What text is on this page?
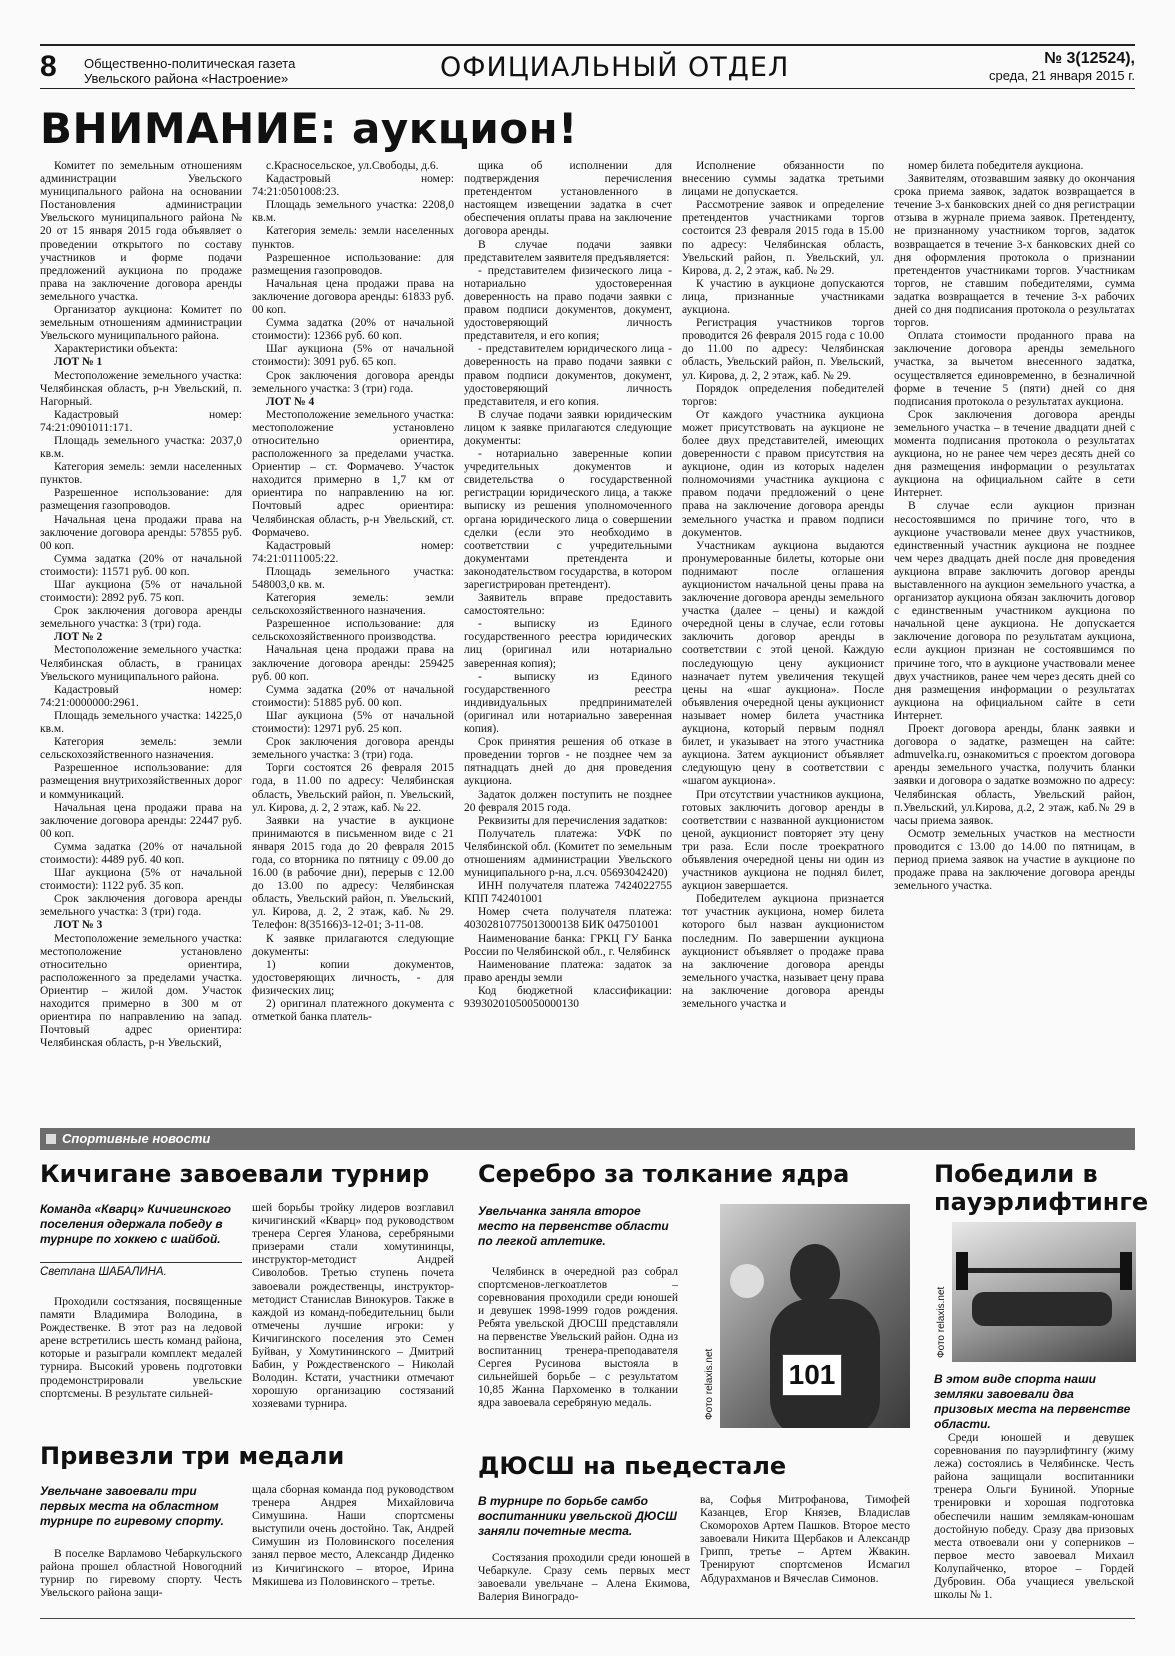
8 Общественно-политическая газета
Увельского района «Настроение»	ОФИЦИАЛЬНЫЙ ОТДЕЛ	№ 3(12524),
среда, 21 января 2015 г.
ВНИМАНИЕ: аукцион!

Комитет по земельным отношениям администрации Увельского муниципального района на основании Постановления администрации Увельского муниципального района № 20 от 15 января 2015 года объявляет о проведении открытого по составу участников и форме подачи предложений аукциона по продаже права на заключение договора аренды земельного участка.

Организатор аукциона: Комитет по земельным отношениям администрации Увельского муниципального района.

Характеристики объекта:

ЛОТ № 1

Местоположение земельного участка: Челябинская область, р-н Увельский, п. Нагорный.

Кадастровый номер: 74:21:0901011:171.

Площадь земельного участка: 2037,0 кв.м.

Категория земель: земли населенных пунктов.

Разрешенное использование: для размещения газопроводов.

Начальная цена продажи права на заключение договора аренды: 57855 руб. 00 коп.

Сумма задатка (20% от начальной стоимости): 11571 руб. 00 коп.

Шаг аукциона (5% от начальной стоимости): 2892 руб. 75 коп.

Срок заключения договора аренды земельного участка: 3 (три) года.

ЛОТ № 2

Местоположение земельного участка: Челябинская область, в границах Увельского муниципального района.

Кадастровый номер: 74:21:0000000:2961.

Площадь земельного участка: 14225,0 кв.м.

Категория земель: земли сельскохозяйственного назначения.

Разрешенное использование: для размещения внутрихозяйственных дорог и коммуникаций.

Начальная цена продажи права на заключение договора аренды: 22447 руб. 00 коп.

Сумма задатка (20% от начальной стоимости): 4489 руб. 40 коп.

Шаг аукциона (5% от начальной стоимости): 1122 руб. 35 коп.

Срок заключения договора аренды земельного участка: 3 (три) года.

ЛОТ № 3

Местоположение земельного участка: местоположение установлено относительно ориентира, расположенного за пределами участка. Ориентир – жилой дом. Участок находится примерно в 300 м от ориентира по направлению на запад. Почтовый адрес ориентира: Челябинская область, р-н Увельский,

с.Красносельское, ул.Свободы, д.6.

Кадастровый номер: 74:21:0501008:23.

Площадь земельного участка: 2208,0 кв.м.

Категория земель: земли населенных пунктов.

Разрешенное использование: для размещения газопроводов.

Начальная цена продажи права на заключение договора аренды: 61833 руб. 00 коп.

Сумма задатка (20% от начальной стоимости): 12366 руб. 60 коп.

Шаг аукциона (5% от начальной стоимости): 3091 руб. 65 коп.

Срок заключения договора аренды земельного участка: 3 (три) года.

ЛОТ № 4

Местоположение земельного участка: местоположение установлено относительно ориентира, расположенного за пределами участка. Ориентир – ст. Формачево. Участок находится примерно в 1,7 км от ориентира по направлению на юг. Почтовый адрес ориентира: Челябинская область, р-н Увельский, ст. Формачево.

Кадастровый номер: 74:21:0111005:22.

Площадь земельного участка: 548003,0 кв. м.

Категория земель: земли сельскохозяйственного назначения.

Разрешенное использование: для сельскохозяйственного производства.

Начальная цена продажи права на заключение договора аренды: 259425 руб. 00 коп.

Сумма задатка (20% от начальной стоимости): 51885 руб. 00 коп.

Шаг аукциона (5% от начальной стоимости): 12971 руб. 25 коп.

Срок заключения договора аренды земельного участка: 3 (три) года.

Торги состоятся 26 февраля 2015 года, в 11.00 по адресу: Челябинская область, Увельский район, п. Увельский, ул. Кирова, д. 2, 2 этаж, каб. № 22.

Заявки на участие в аукционе принимаются в письменном виде с 21 января 2015 года до 20 февраля 2015 года, со вторника по пятницу с 09.00 до 16.00 (в рабочие дни), перерыв с 12.00 до 13.00 по адресу: Челябинская область, Увельский район, п. Увельский, ул. Кирова, д. 2, 2 этаж, каб. № 29. Телефон: 8(35166)3-12-01; 3-11-08.

К заявке прилагаются следующие документы:

1) копии документов, удостоверяющих личность, - для физических лиц;

2) оригинал платежного документа с отметкой банка платель-

щика об исполнении для подтверждения перечисления претендентом установленного в настоящем извещении задатка в счет обеспечения оплаты права на заключение договора аренды.

В случае подачи заявки представителем заявителя предъявляется:

- представителем физического лица - нотариально удостоверенная доверенность на право подачи заявки с правом подписи документов, документ, удостоверяющий личность представителя, и его копия;

- представителем юридического лица - доверенность на право подачи заявки с правом подписи документов, документ, удостоверяющий личность представителя, и его копия.

В случае подачи заявки юридическим лицом к заявке прилагаются следующие документы:

- нотариально заверенные копии учредительных документов и свидетельства о государственной регистрации юридического лица, а также выписку из решения уполномоченного органа юридического лица о совершении сделки (если это необходимо в соответствии с учредительными документами претендента и законодательством государства, в котором зарегистрирован претендент).

Заявитель вправе предоставить самостоятельно:

- выписку из Единого государственного реестра юридических лиц (оригинал или нотариально заверенная копия);

- выписку из Единого государственного реестра индивидуальных предпринимателей (оригинал или нотариально заверенная копия).

Срок принятия решения об отказе в проведении торгов - не позднее чем за пятнадцать дней до дня проведения аукциона.

Задаток должен поступить не позднее 20 февраля 2015 года.

Реквизиты для перечисления задатков:

Получатель платежа: УФК по Челябинской обл. (Комитет по земельным отношениям администрации Увельского муниципального р-на, л.сч. 05693042420)

ИНН получателя платежа 7424022755 КПП 742401001

Номер счета получателя платежа: 40302810775013000138 БИК 047501001

Наименование банка: ГРКЦ ГУ Банка России по Челябинской обл., г. Челябинск

Наименование платежа: задаток за право аренды земли

Код бюджетной классификации: 93930201050050000130

Исполнение обязанности по внесению суммы задатка третьими лицами не допускается.

Рассмотрение заявок и определение претендентов участниками торгов состоится 23 февраля 2015 года в 15.00 по адресу: Челябинская область, Увельский район, п. Увельский, ул. Кирова, д. 2, 2 этаж, каб. № 29.

К участию в аукционе допускаются лица, признанные участниками аукциона.

Регистрация участников торгов проводится 26 февраля 2015 года с 10.00 до 11.00 по адресу: Челябинская область, Увельский район, п. Увельский, ул. Кирова, д. 2, 2 этаж, каб. № 29.

Порядок определения победителей торгов:

От каждого участника аукциона может присутствовать на аукционе не более двух представителей, имеющих доверенности с правом присутствия на аукционе, один из которых наделен полномочиями участника аукциона с правом подачи предложений о цене права на заключение договора аренды земельного участка и правом подписи документов.

Участникам аукциона выдаются пронумерованные билеты, которые они поднимают после оглашения аукционистом начальной цены права на заключение договора аренды земельного участка (далее – цены) и каждой очередной цены в случае, если готовы заключить договор аренды в соответствии с этой ценой. Каждую последующую цену аукционист назначает путем увеличения текущей цены на «шаг аукциона». После объявления очередной цены аукционист называет номер билета участника аукциона, который первым поднял билет, и указывает на этого участника аукциона. Затем аукционист объявляет следующую цену в соответствии с «шагом аукциона».

При отсутствии участников аукциона, готовых заключить договор аренды в соответствии с названной аукционистом ценой, аукционист повторяет эту цену три раза. Если после троекратного объявления очередной цены ни один из участников аукциона не поднял билет, аукцион завершается.

Победителем аукциона признается тот участник аукциона, номер билета которого был назван аукционистом последним. По завершении аукциона аукционист объявляет о продаже права на заключение договора аренды земельного участка, называет цену права на заключение договора аренды земельного участка и

номер билета победителя аукциона.

Заявителям, отозвавшим заявку до окончания срока приема заявок, задаток возвращается в течение 3-х банковских дней со дня регистрации отзыва в журнале приема заявок. Претенденту, не признанному участником торгов, задаток возвращается в течение 3-х банковских дней со дня оформления протокола о признании претендентов участниками торгов. Участникам торгов, не ставшим победителями, сумма задатка возвращается в течение 3-х рабочих дней со дня подписания протокола о результатах торгов.

Оплата стоимости проданного права на заключение договора аренды земельного участка, за вычетом внесенного задатка, осуществляется единовременно, в безналичной форме в течение 5 (пяти) дней со дня подписания протокола о результатах аукциона.

Срок заключения договора аренды земельного участка – в течение двадцати дней с момента подписания протокола о результатах аукциона, но не ранее чем через десять дней со дня размещения информации о результатах аукциона на официальном сайте в сети Интернет.

В случае если аукцион признан несостоявшимся по причине того, что в аукционе участвовали менее двух участников, единственный участник аукциона не позднее чем через двадцать дней после дня проведения аукциона вправе заключить договор аренды выставленного на аукцион земельного участка, а организатор аукциона обязан заключить договор с единственным участником аукциона по начальной цене аукциона. Не допускается заключение договора по результатам аукциона, если аукцион признан не состоявшимся по причине того, что в аукционе участвовали менее двух участников, ранее чем через десять дней со дня размещения информации о результатах аукциона на официальном сайте в сети Интернет.

Проект договора аренды, бланк заявки и договора о задатке, размещен на сайте: admuvelka.ru, ознакомиться с проектом договора аренды земельного участка, получить бланки заявки и договора о задатке возможно по адресу: Челябинская область, Увельский район, п.Увельский, ул.Кирова, д.2, 2 этаж, каб.№ 29 в часы приема заявок.

Осмотр земельных участков на местности проводится с 13.00 до 14.00 по пятницам, в период приема заявок на участие в аукционе по продаже права на заключение договора аренды земельного участка.

Спортивные новости
Кичигане завоевали турнир
Команда «Кварц» Кичигинского поселения одержала победу в турнире по хоккею с шайбой.
Светлана ШАБАЛИНА.

Проходили состязания, посвященные памяти Владимира Володина, в Рождественке. В этот раз на ледовой арене встретились шесть команд района, которые и разыграли комплект медалей турнира. Высокий уровень подготовки продемонстрировали увельские спортсмены. В результате сильней-

шей борьбы тройку лидеров возглавил кичигинский «Кварц» под руководством тренера Сергея Уланова, серебряными призерами стали хомутининцы, инструктор-методист Андрей Сиволобов. Третью ступень почета завоевали рождественцы, инструктор-методист Станислав Винокуров. Также в каждой из команд-победительниц были отмечены лучшие игроки: у Кичигинского поселения это Семен Буйван, у Хомутининского – Дмитрий Бабин, у Рождественского – Николай Володин. Кстати, участники отмечают хорошую организацию состязаний хозяевами турнира.

Привезли три медали
Увельчане завоевали три первых места на областном турнире по гиревому спорту.

В поселке Варламово Чебаркульского района прошел областной Новогодний турнир по гиревому спорту. Честь Увельского района защи-

щала сборная команда под руководством тренера Андрея Михайловича Симушина. Наши спортсмены выступили очень достойно. Так, Андрей Симушин из Половинского поселения занял первое место, Александр Диденко из Кичигинского – второе, Ирина Мякишева из Половинского – третье.

Серебро за толкание ядра
Увельчанка заняла второе место на первенстве области по легкой атлетике.

Челябинск в очередной раз собрал спортсменов-легкоатлетов – соревнования проходили среди юношей и девушек 1998-1999 годов рождения. Ребята увельской ДЮСШ представляли на первенстве Увельский район. Одна из воспитанниц тренера-преподавателя Сергея Русинова выстояла в сильнейшей борьбе – с результатом 10,85 Жанна Пархоменко в толкании ядра завоевала серебряную медаль.

101
Фото relaxis.net
ДЮСШ на пьедестале
В турнире по борьбе самбо воспитанники увельской ДЮСШ заняли почетные места.

Состязания проходили среди юношей в Чебаркуле. Сразу семь первых мест завоевали увельчане – Алена Екимова, Валерия Виноградо-

ва, Софья Митрофанова, Тимофей Казанцев, Егор Князев, Владислав Скоморохов Артем Пашков. Второе место завоевали Никита Щербаков и Александр Грипп, третье – Артем Жвакин. Тренируют спортсменов Исмагил Абдурахманов и Вячеслав Симонов.

Победили в пауэрлифтинге
Фото relaxis.net
В этом виде спорта наши земляки завоевали два призовых места на первенстве области.

Среди юношей и девушек соревнования по пауэрлифтингу (жиму лежа) состоялись в Челябинске. Честь района защищали воспитанники тренера Ольги Буниной. Упорные тренировки и хорошая подготовка обеспечили нашим землякам-юношам достойную победу. Сразу два призовых места отвоевали они у соперников – первое место завоевал Михаил Колупайченко, второе – Гордей Дубровин. Оба учащиеся увельской школы № 1.
